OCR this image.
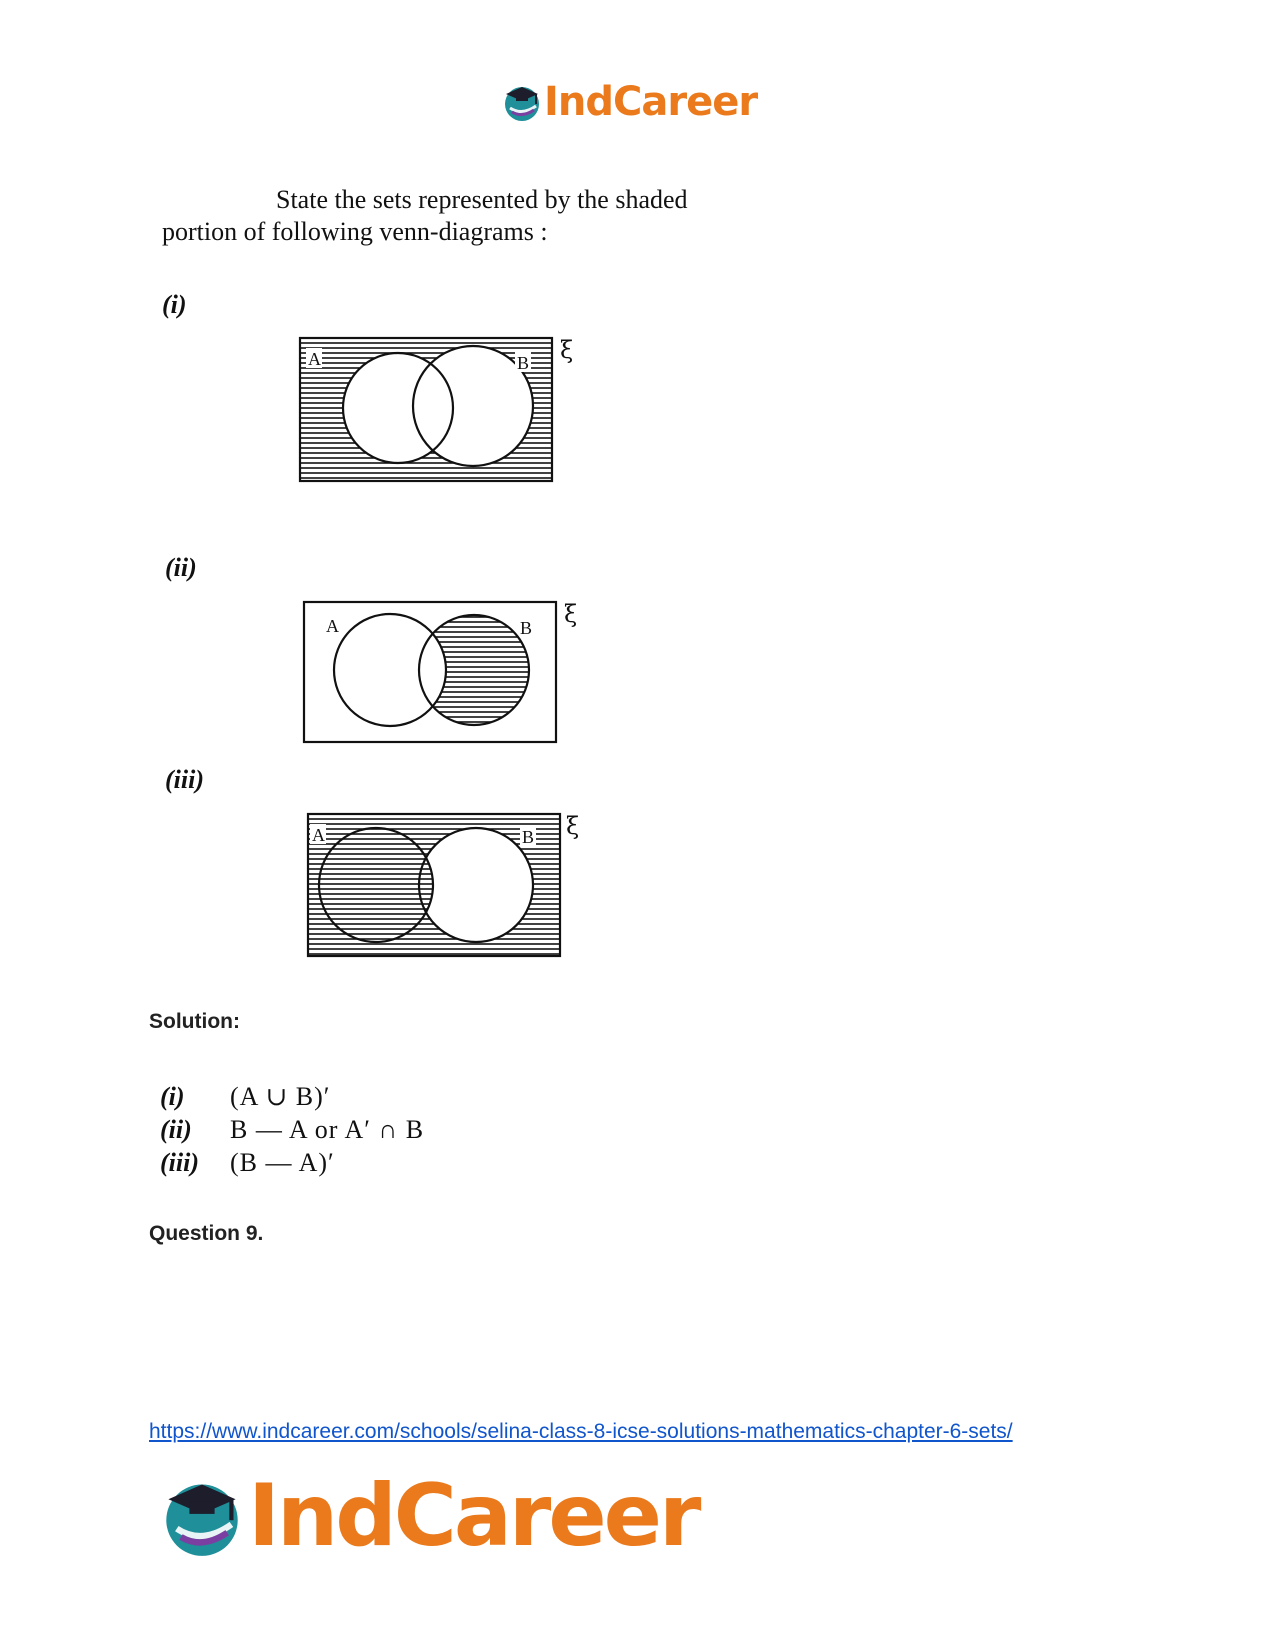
IndCareer
State the sets represented by the shaded
portion of following venn-diagrams :
(i)
A	B ξ
(ii)
A	B ξ
(iii)
A	B ξ
Solution:
(i)	(A ∪ B)′
(ii)	B — A or A′ ∩ B
(iii)	(B — A)′
Question 9.
https://www.indcareer.com/schools/selina-class-8-icse-solutions-mathematics-chapter-6-sets/
IndCareer
